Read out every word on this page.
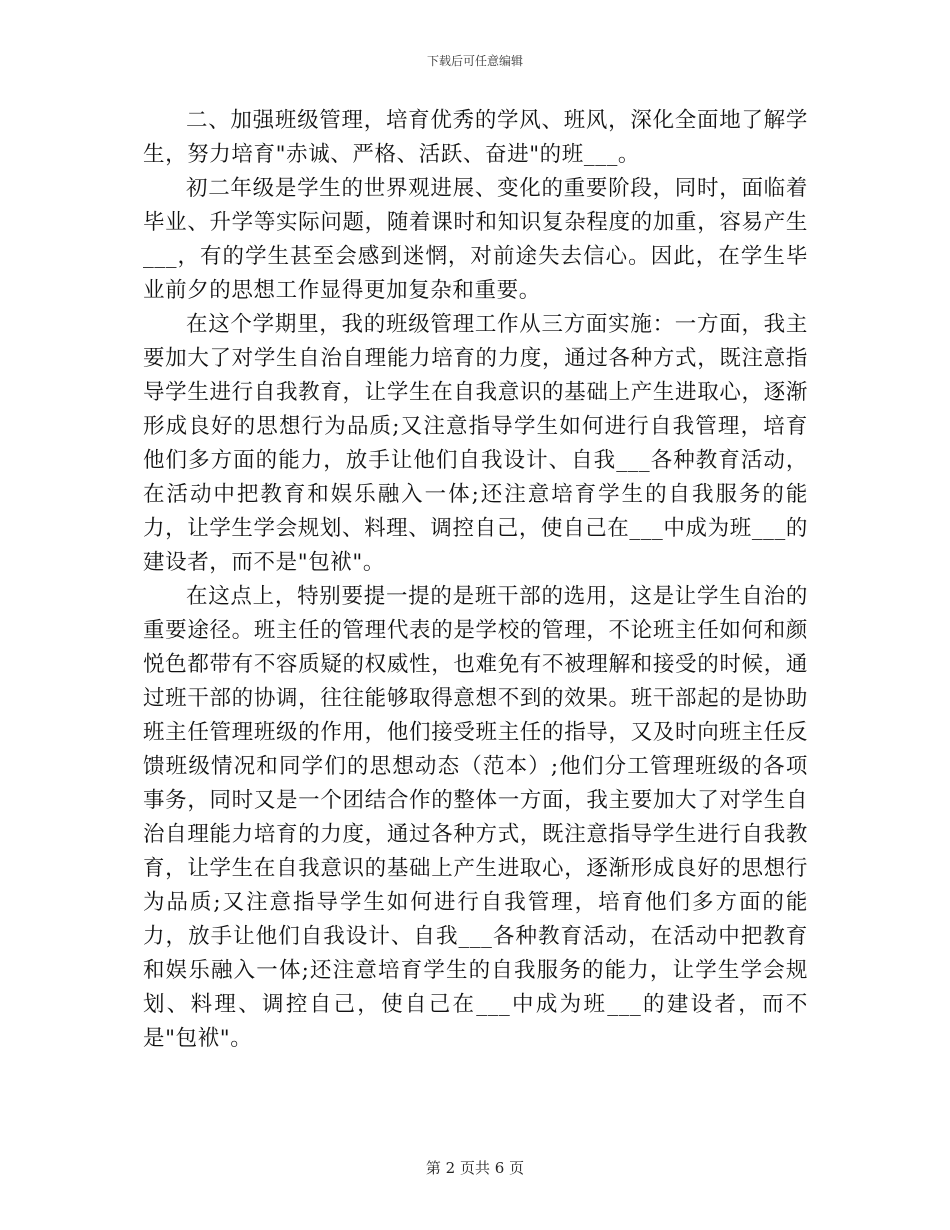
下载后可任意编辑

二、加强班级管理，培育优秀的学风、班风，深化全面地了解学生，努力培育"赤诚、严格、活跃、奋进"的班___。

初二年级是学生的世界观进展、变化的重要阶段，同时，面临着毕业、升学等实际问题，随着课时和知识复杂程度的加重，容易产生___，有的学生甚至会感到迷惘，对前途失去信心。因此，在学生毕业前夕的思想工作显得更加复杂和重要。

在这个学期里，我的班级管理工作从三方面实施：一方面，我主要加大了对学生自治自理能力培育的力度，通过各种方式，既注意指导学生进行自我教育，让学生在自我意识的基础上产生进取心，逐渐形成良好的思想行为品质;又注意指导学生如何进行自我管理，培育他们多方面的能力，放手让他们自我设计、自我___各种教育活动，在活动中把教育和娱乐融入一体;还注意培育学生的自我服务的能力，让学生学会规划、料理、调控自己，使自己在___中成为班___的建设者，而不是"包袱"。

在这点上，特别要提一提的是班干部的选用，这是让学生自治的重要途径。班主任的管理代表的是学校的管理，不论班主任如何和颜悦色都带有不容质疑的权威性，也难免有不被理解和接受的时候，通过班干部的协调，往往能够取得意想不到的效果。班干部起的是协助班主任管理班级的作用，他们接受班主任的指导，又及时向班主任反馈班级情况和同学们的思想动态（范本）;他们分工管理班级的各项事务，同时又是一个团结合作的整体一方面，我主要加大了对学生自治自理能力培育的力度，通过各种方式，既注意指导学生进行自我教育，让学生在自我意识的基础上产生进取心，逐渐形成良好的思想行为品质;又注意指导学生如何进行自我管理，培育他们多方面的能力，放手让他们自我设计、自我___各种教育活动，在活动中把教育和娱乐融入一体;还注意培育学生的自我服务的能力，让学生学会规划、料理、调控自己，使自己在___中成为班___的建设者，而不是"包袱"。

第 2 页共 6 页
